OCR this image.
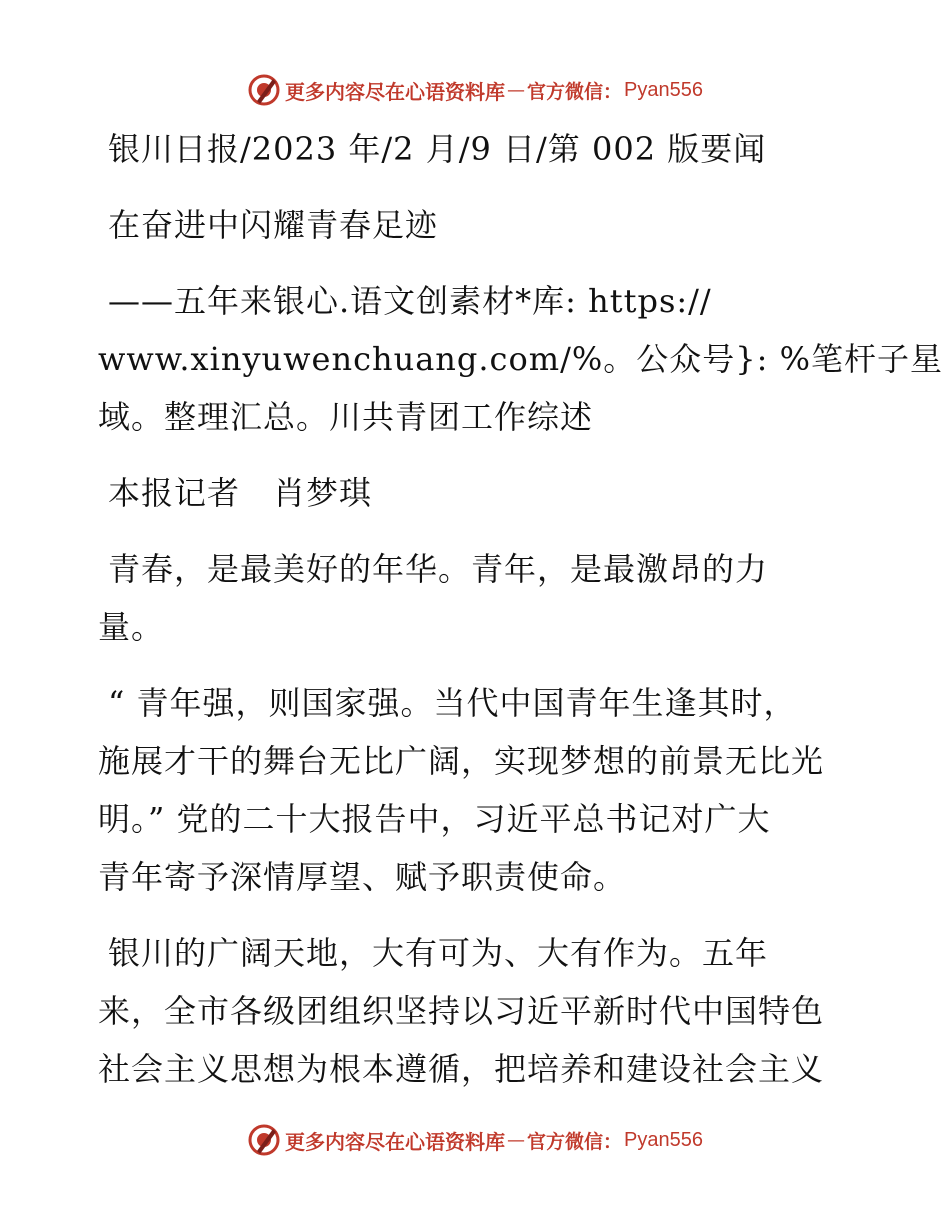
更多内容尽在心语资料库 — 官方微信： Pyan556
银川日报/2023 年/2 月/9 日/第 002 版要闻
在奋进中闪耀青春足迹
——五年来银心.语文创素材*库: https://
www.xinyuwenchuang.com/%。公众号}: %笔杆子星
域。整理汇总。川共青团工作综述
本报记者　肖梦琪
青春，是最美好的年华。青年，是最激昂的力
量。
“ 青年强，则国家强。当代中国青年生逢其时，
施展才干的舞台无比广阔，实现梦想的前景无比光
明。” 党的二十大报告中，习近平总书记对广大
青年寄予深情厚望、赋予职责使命。
银川的广阔天地，大有可为、大有作为。五年
来，全市各级团组织坚持以习近平新时代中国特色
社会主义思想为根本遵循，把培养和建设社会主义
更多内容尽在心语资料库 — 官方微信： Pyan556
